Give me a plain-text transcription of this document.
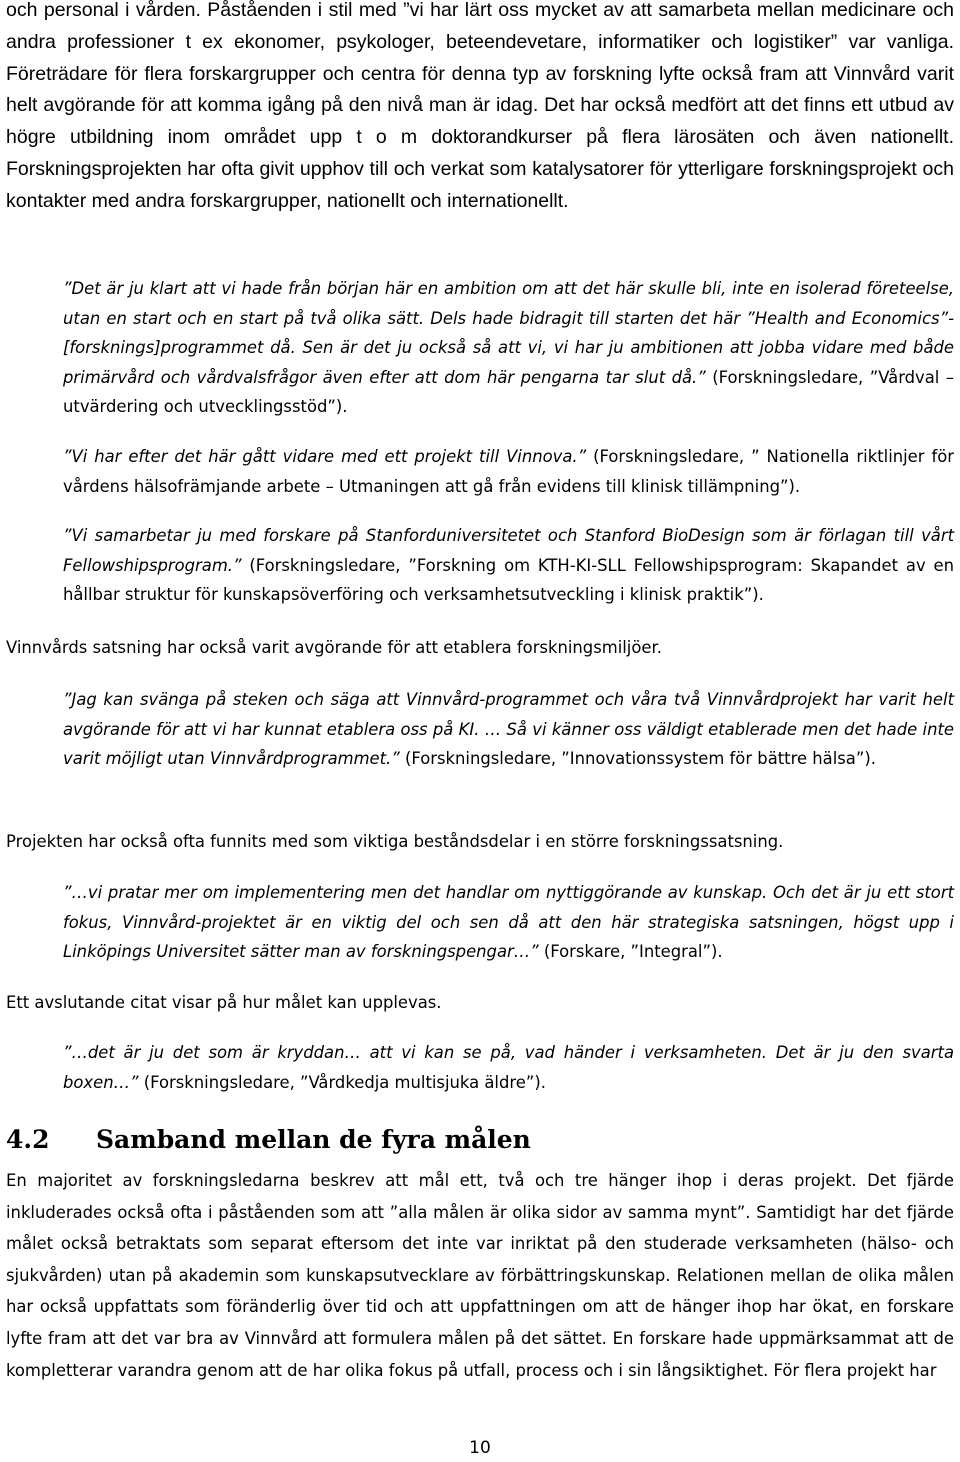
och personal i vården. Påståenden i stil med ”vi har lärt oss mycket av att samarbeta mellan medicinare och andra professioner t ex ekonomer, psykologer, beteendevetare, informatiker och logistiker” var vanliga. Företrädare för flera forskargrupper och centra för denna typ av forskning lyfte också fram att Vinnvård varit helt avgörande för att komma igång på den nivå man är idag. Det har också medfört att det finns ett utbud av högre utbildning inom området upp t o m doktorandkurser på flera lärosäten och även nationellt. Forskningsprojekten har ofta givit upphov till och verkat som katalysatorer för ytterligare forskningsprojekt och kontakter med andra forskargrupper, nationellt och internationellt.

”Det är ju klart att vi hade från början här en ambition om att det här skulle bli, inte en isolerad företeelse, utan en start och en start på två olika sätt. Dels hade bidragit till starten det här ”Health and Economics”-[forsknings]programmet då. Sen är det ju också så att vi, vi har ju ambitionen att jobba vidare med både primärvård och vårdvalsfrågor även efter att dom här pengarna tar slut då.” (Forskningsledare, ”Vårdval – utvärdering och utvecklingsstöd”).

”Vi har efter det här gått vidare med ett projekt till Vinnova.” (Forskningsledare, ” Nationella riktlinjer för vårdens hälsofrämjande arbete – Utmaningen att gå från evidens till klinisk tillämpning”).

”Vi samarbetar ju med forskare på Stanforduniversitetet och Stanford BioDesign som är förlagan till vårt Fellowshipsprogram.” (Forskningsledare, ”Forskning om KTH-KI-SLL Fellowshipsprogram: Skapandet av en hållbar struktur för kunskapsöverföring och verksamhetsutveckling i klinisk praktik”).

Vinnvårds satsning har också varit avgörande för att etablera forskningsmiljöer.

”Jag kan svänga på steken och säga att Vinnvård-programmet och våra två Vinnvårdprojekt har varit helt avgörande för att vi har kunnat etablera oss på KI. … Så vi känner oss väldigt etablerade men det hade inte varit möjligt utan Vinnvårdprogrammet.” (Forskningsledare, ”Innovationssystem för bättre hälsa”).

Projekten har också ofta funnits med som viktiga beståndsdelar i en större forskningssatsning.

”…vi pratar mer om implementering men det handlar om nyttiggörande av kunskap. Och det är ju ett stort fokus, Vinnvård-projektet är en viktig del och sen då att den här strategiska satsningen, högst upp i Linköpings Universitet sätter man av forskningspengar…” (Forskare, ”Integral”).

Ett avslutande citat visar på hur målet kan upplevas.

”…det är ju det som är kryddan… att vi kan se på, vad händer i verksamheten. Det är ju den svarta boxen…” (Forskningsledare, ”Vårdkedja multisjuka äldre”).

4.2 Samband mellan de fyra målen

En majoritet av forskningsledarna beskrev att mål ett, två och tre hänger ihop i deras projekt. Det fjärde inkluderades också ofta i påståenden som att ”alla målen är olika sidor av samma mynt”. Samtidigt har det fjärde målet också betraktats som separat eftersom det inte var inriktat på den studerade verksamheten (hälso- och sjukvården) utan på akademin som kunskapsutvecklare av förbättringskunskap. Relationen mellan de olika målen har också uppfattats som föränderlig över tid och att uppfattningen om att de hänger ihop har ökat, en forskare lyfte fram att det var bra av Vinnvård att formulera målen på det sättet. En forskare hade uppmärksammat att de kompletterar varandra genom att de har olika fokus på utfall, process och i sin långsiktighet. För flera projekt har

10
